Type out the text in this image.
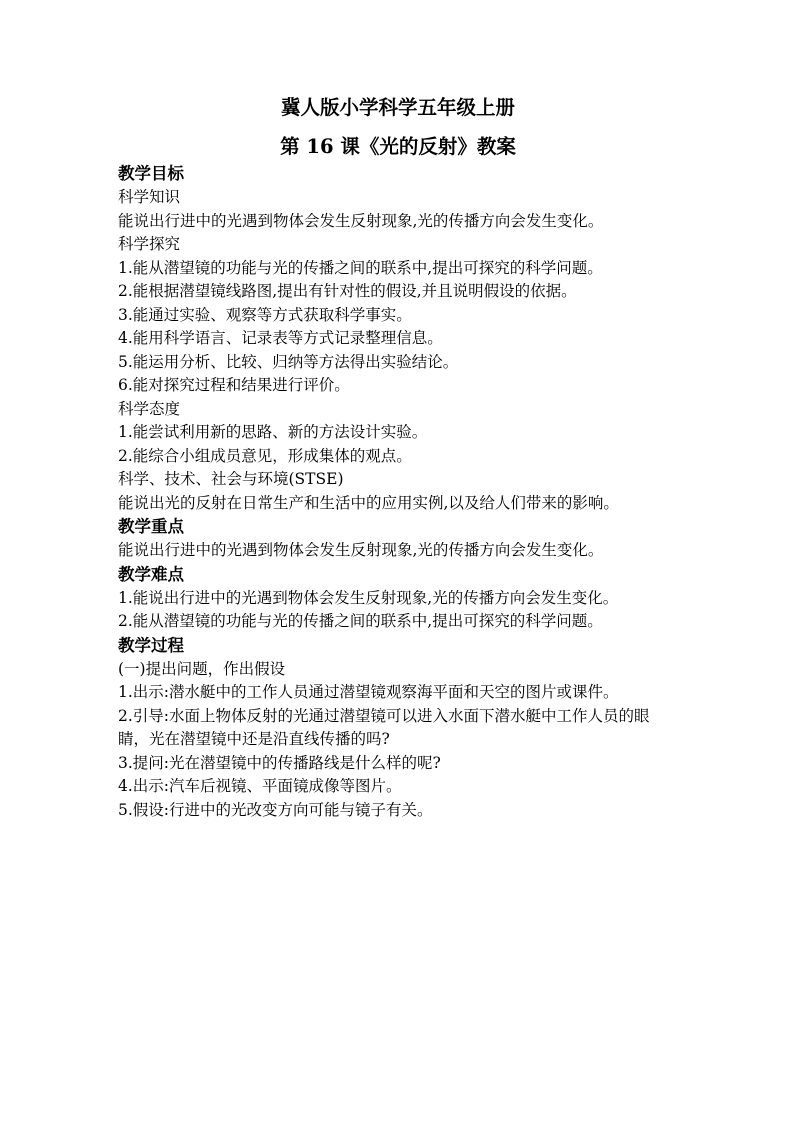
冀人版小学科学五年级上册

第 16 课《光的反射》教案

教学目标

科学知识

能说出行进中的光遇到物体会发生反射现象,光的传播方向会发生变化。

科学探究

1.能从潜望镜的功能与光的传播之间的联系中,提出可探究的科学问题。

2.能根据潜望镜线路图,提出有针对性的假设,并且说明假设的依据。

3.能通过实验、观察等方式获取科学事实。

4.能用科学语言、记录表等方式记录整理信息。

5.能运用分析、比较、归纳等方法得出实验结论。

6.能对探究过程和结果进行评价。

科学态度

1.能尝试利用新的思路、新的方法设计实验。

2.能综合小组成员意见，形成集体的观点。

科学、技术、社会与环境(STSE)

能说出光的反射在日常生产和生活中的应用实例,以及给人们带来的影响。

教学重点

能说出行进中的光遇到物体会发生反射现象,光的传播方向会发生变化。

教学难点

1.能说出行进中的光遇到物体会发生反射现象,光的传播方向会发生变化。

2.能从潜望镜的功能与光的传播之间的联系中,提出可探究的科学问题。

教学过程

(一)提出问题，作出假设

1.出示:潜水艇中的工作人员通过潜望镜观察海平面和天空的图片或课件。

2.引导:水面上物体反射的光通过潜望镜可以进入水面下潜水艇中工作人员的眼睛，光在潜望镜中还是沿直线传播的吗?

3.提问:光在潜望镜中的传播路线是什么样的呢?

4.出示:汽车后视镜、平面镜成像等图片。

5.假设:行进中的光改变方向可能与镜子有关。
